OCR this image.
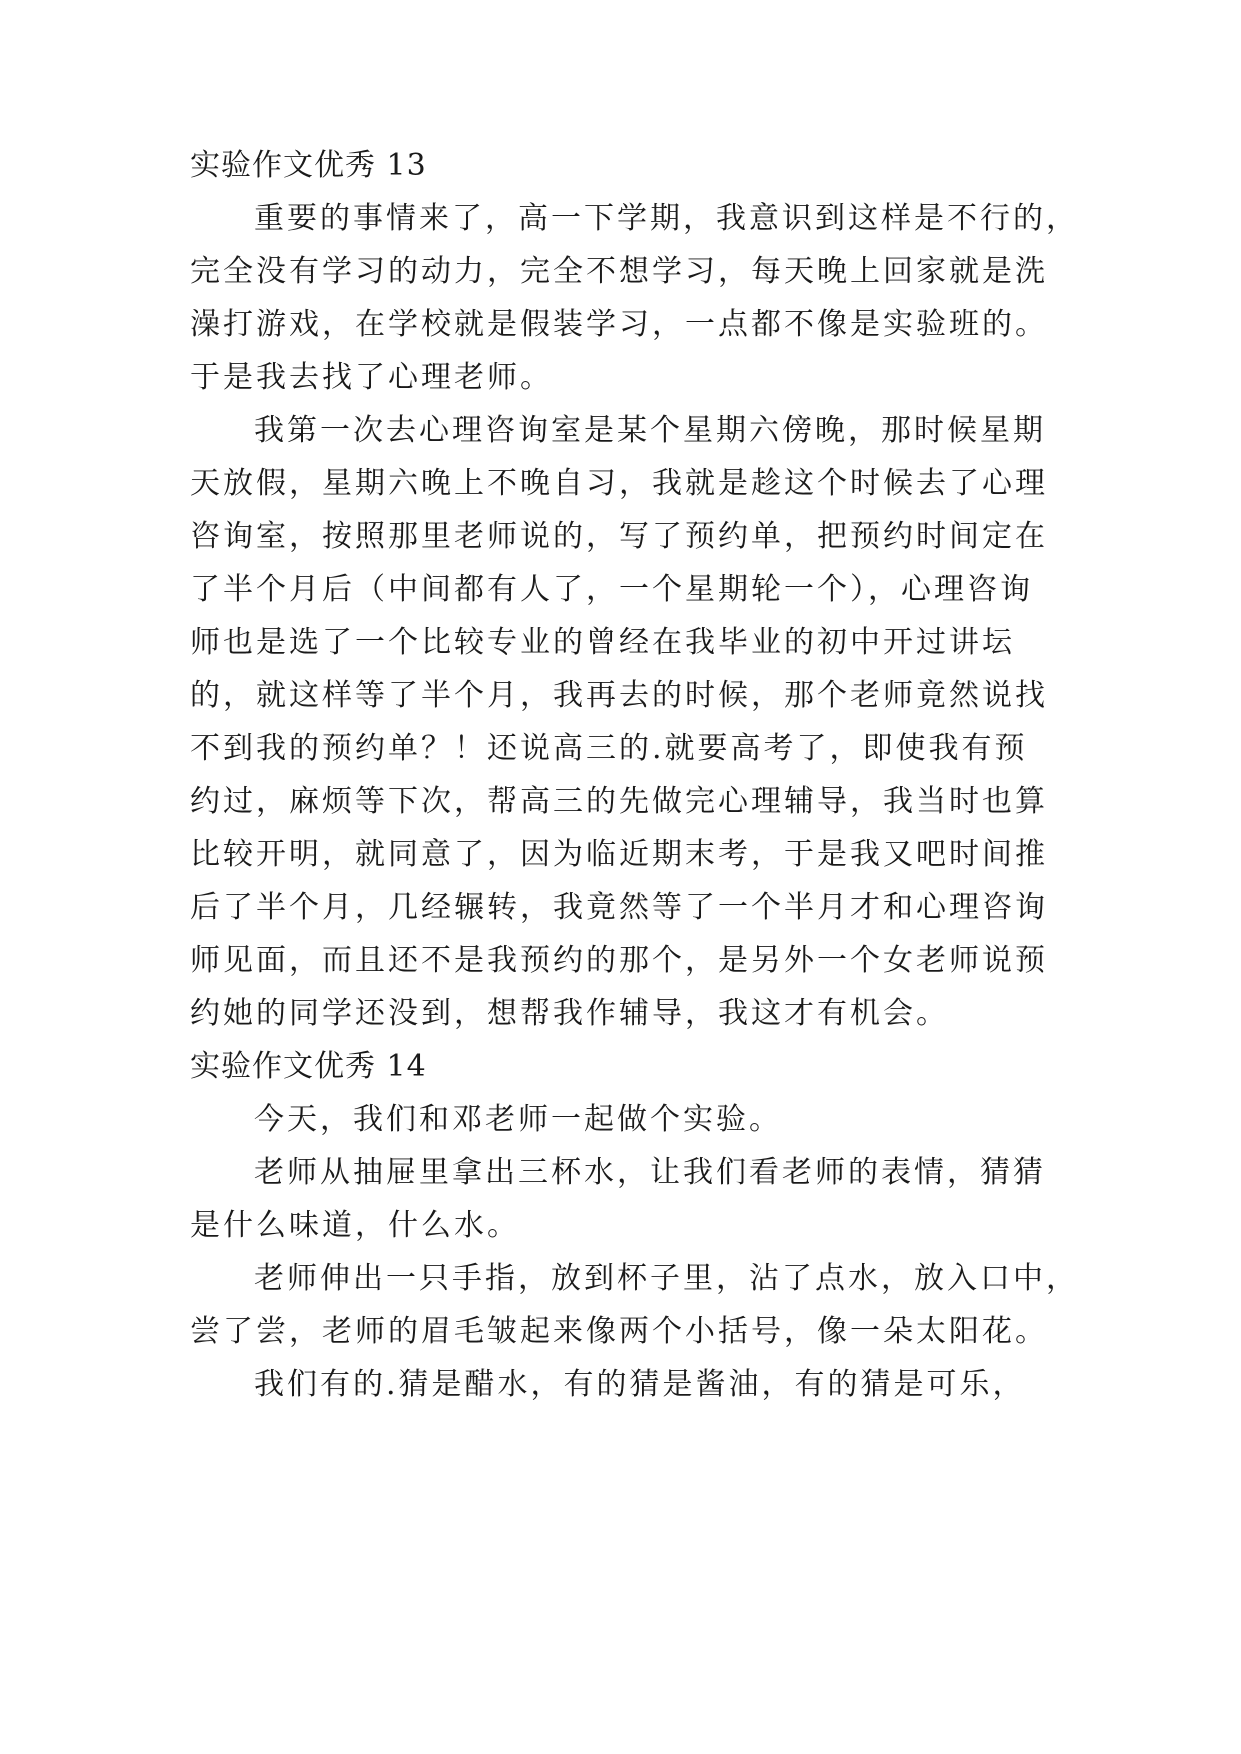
实验作文优秀 13
重要的事情来了，高一下学期，我意识到这样是不行的，
完全没有学习的动力，完全不想学习，每天晚上回家就是洗
澡打游戏，在学校就是假装学习，一点都不像是实验班的。
于是我去找了心理老师。
我第一次去心理咨询室是某个星期六傍晚，那时候星期
天放假，星期六晚上不晚自习，我就是趁这个时候去了心理
咨询室，按照那里老师说的，写了预约单，把预约时间定在
了半个月后（中间都有人了，一个星期轮一个），心理咨询
师也是选了一个比较专业的曾经在我毕业的初中开过讲坛
的，就这样等了半个月，我再去的时候，那个老师竟然说找
不到我的预约单？！还说高三的.就要高考了，即使我有预
约过，麻烦等下次，帮高三的先做完心理辅导，我当时也算
比较开明，就同意了，因为临近期末考，于是我又吧时间推
后了半个月，几经辗转，我竟然等了一个半月才和心理咨询
师见面，而且还不是我预约的那个，是另外一个女老师说预
约她的同学还没到，想帮我作辅导，我这才有机会。
实验作文优秀 14
今天，我们和邓老师一起做个实验。
老师从抽屉里拿出三杯水，让我们看老师的表情，猜猜
是什么味道，什么水。
老师伸出一只手指，放到杯子里，沾了点水，放入口中，
尝了尝，老师的眉毛皱起来像两个小括号，像一朵太阳花。
我们有的.猜是醋水，有的猜是酱油，有的猜是可乐，
